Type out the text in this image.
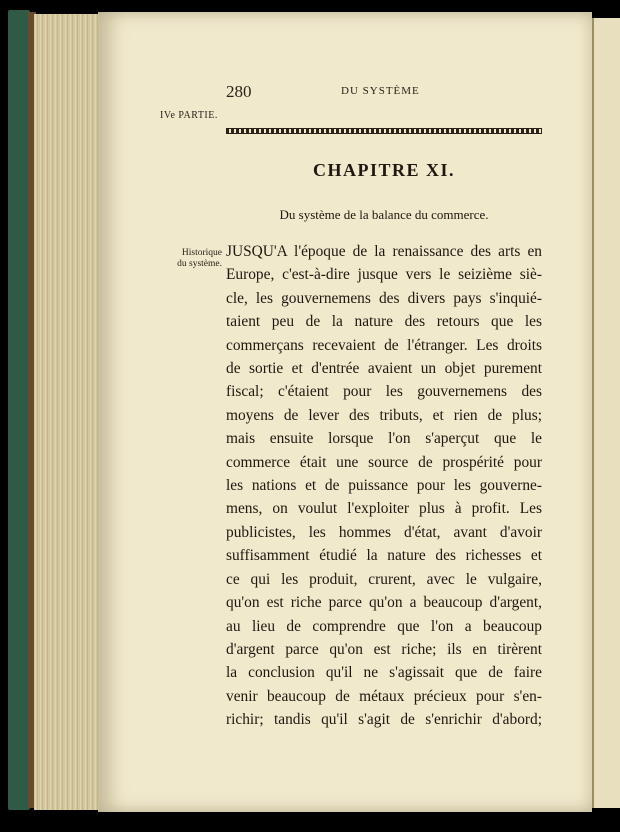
280	DU SYSTÈME
IVe PARTIE.
CHAPITRE XI.
Du système de la balance du commerce.
Historique
du système.
JUSQU'A l'époque de la renaissance des arts en
Europe, c'est-à-dire jusque vers le seizième siè-
cle, les gouvernemens des divers pays s'inquié-
taient peu de la nature des retours que les
commerçans recevaient de l'étranger. Les droits
de sortie et d'entrée avaient un objet purement
fiscal; c'étaient pour les gouvernemens des
moyens de lever des tributs, et rien de plus;
mais ensuite lorsque l'on s'aperçut que le
commerce était une source de prospérité pour
les nations et de puissance pour les gouverne-
mens, on voulut l'exploiter plus à profit. Les
publicistes, les hommes d'état, avant d'avoir
suffisamment étudié la nature des richesses et
ce qui les produit, crurent, avec le vulgaire,
qu'on est riche parce qu'on a beaucoup d'argent,
au lieu de comprendre que l'on a beaucoup
d'argent parce qu'on est riche; ils en tirèrent
la conclusion qu'il ne s'agissait que de faire
venir beaucoup de métaux précieux pour s'en-
richir; tandis qu'il s'agit de s'enrichir d'abord;
